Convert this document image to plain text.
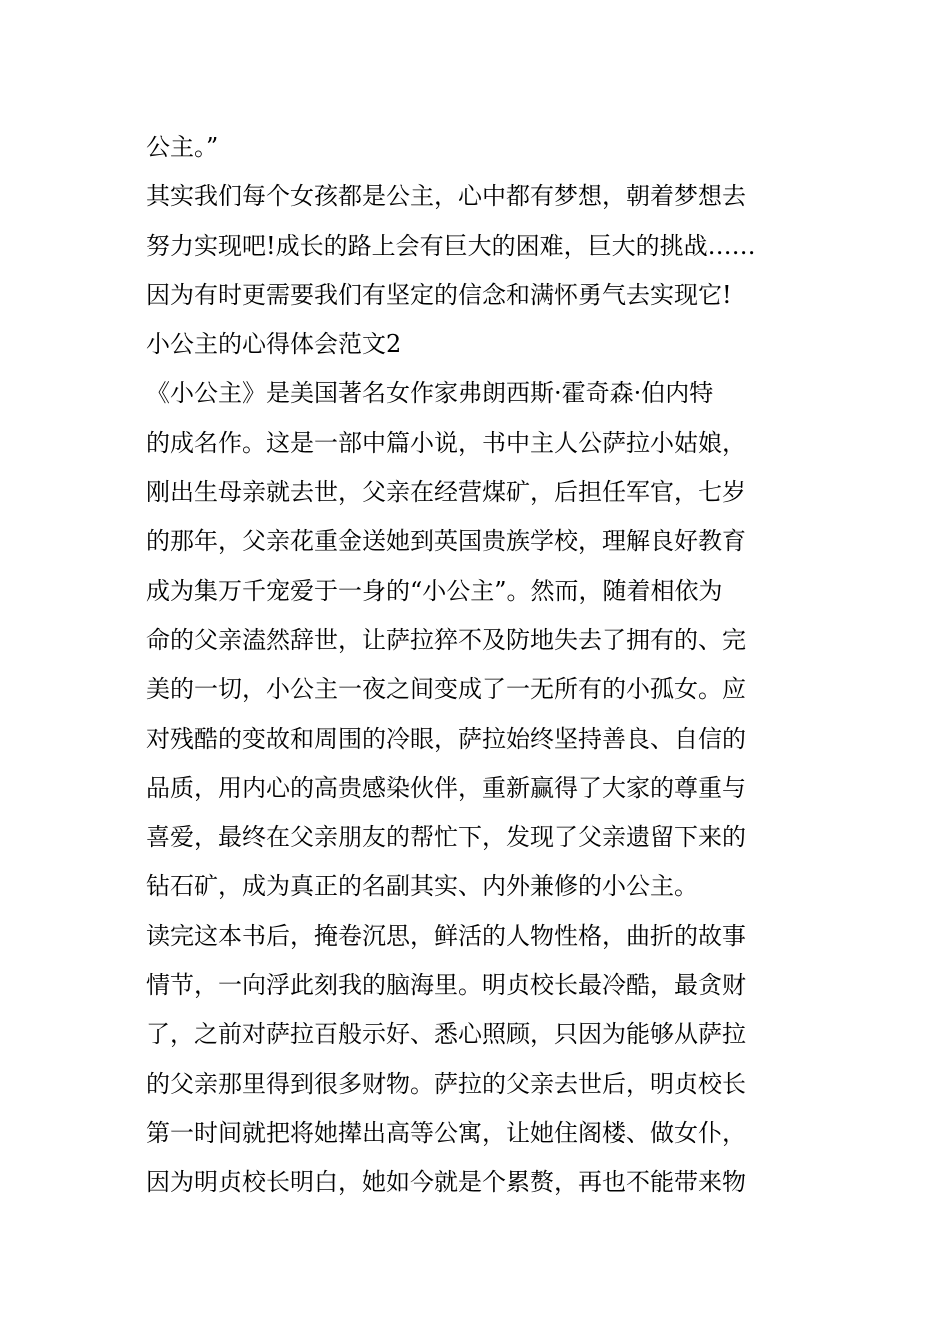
公主。”
其实我们每个女孩都是公主，心中都有梦想，朝着梦想去
努力实现吧!成长的路上会有巨大的困难，巨大的挑战……
因为有时更需要我们有坚定的信念和满怀勇气去实现它!
小公主的心得体会范文2
《小公主》是美国著名女作家弗朗西斯·霍奇森·伯内特
的成名作。这是一部中篇小说，书中主人公萨拉小姑娘，
刚出生母亲就去世，父亲在经营煤矿，后担任军官，七岁
的那年，父亲花重金送她到英国贵族学校，理解良好教育
成为集万千宠爱于一身的“小公主”。然而，随着相依为
命的父亲溘然辞世，让萨拉猝不及防地失去了拥有的、完
美的一切，小公主一夜之间变成了一无所有的小孤女。应
对残酷的变故和周围的冷眼，萨拉始终坚持善良、自信的
品质，用内心的高贵感染伙伴，重新赢得了大家的尊重与
喜爱，最终在父亲朋友的帮忙下，发现了父亲遗留下来的
钻石矿，成为真正的名副其实、内外兼修的小公主。
读完这本书后，掩卷沉思，鲜活的人物性格，曲折的故事
情节，一向浮此刻我的脑海里。明贞校长最冷酷，最贪财
了，之前对萨拉百般示好、悉心照顾，只因为能够从萨拉
的父亲那里得到很多财物。萨拉的父亲去世后，明贞校长
第一时间就把将她撵出高等公寓，让她住阁楼、做女仆，
因为明贞校长明白，她如今就是个累赘，再也不能带来物
